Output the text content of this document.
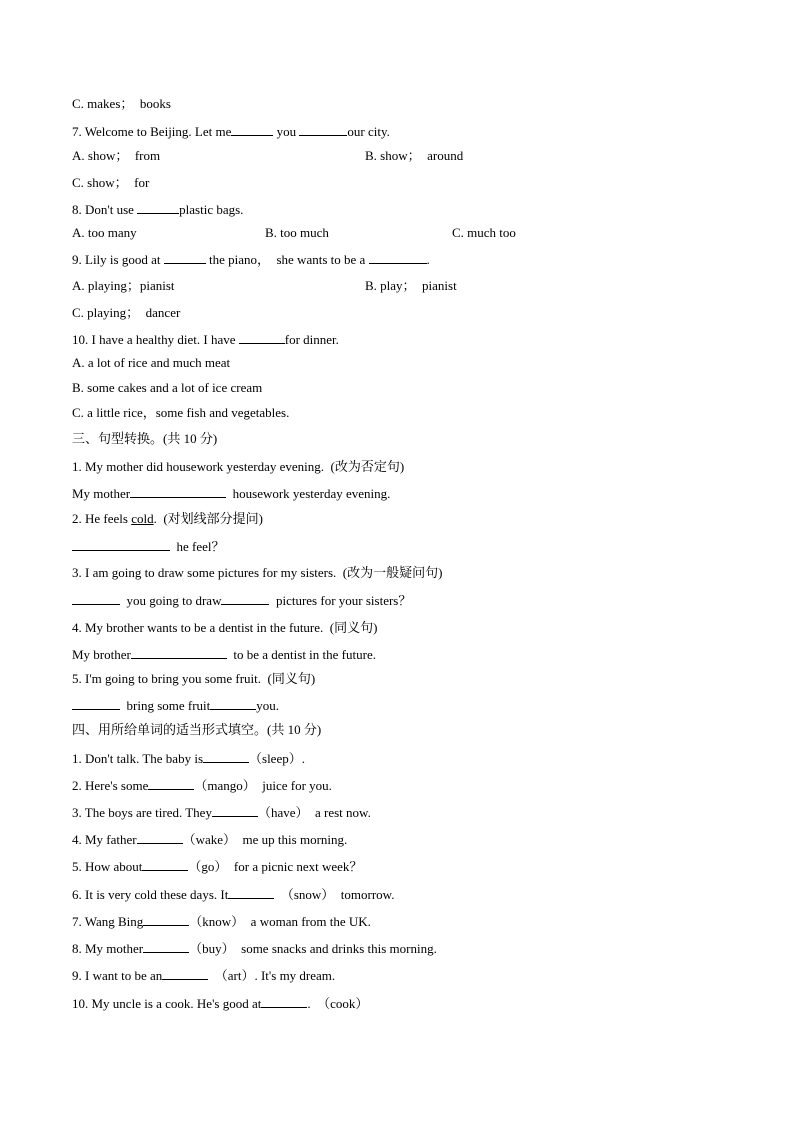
C. makes；  books
7. Welcome to Beijing. Let me	you	our city.
A. show；  from	B. show；  around
C. show；  for
8. Don't use	plastic bags.
A. too many	B. too much	C. much too
9. Lily is good at	the piano，  she wants to be a	.
A. playing；pianist	B. play；  pianist
C. playing；  dancer
10. I have a healthy diet. I have	for dinner.
A. a lot of rice and much meat
B. some cakes and a lot of ice cream
C. a little rice，some fish and vegetables.
三、句型转换。(共 10 分)
1. My mother did housework yesterday evening.  (改为否定句)
My mother	housework yesterday evening.
2. He feels cold.  (对划线部分提问)
he feel？
3. I am going to draw some pictures for my sisters.  (改为一般疑问句)
you going to draw	pictures for your sisters？
4. My brother wants to be a dentist in the future.  (同义句)
My brother	to be a dentist in the future.
5. I'm going to bring you some fruit.  (同义句)
bring some fruit	you.
四、用所给单词的适当形式填空。(共 10 分)
1. Don't talk. The baby is	（sleep）.
2. Here's some	（mango）  juice for you.
3. The boys are tired. They	（have）  a rest now.
4. My father	（wake）  me up this morning.
5. How about	（go）  for a picnic next week？
6. It is very cold these days. It	（snow）  tomorrow.
7. Wang Bing	（know）  a woman from the UK.
8. My mother	（buy）  some snacks and drinks this morning.
9. I want to be an	（art）. It's my dream.
10. My uncle is a cook. He's good at	.  （cook）
